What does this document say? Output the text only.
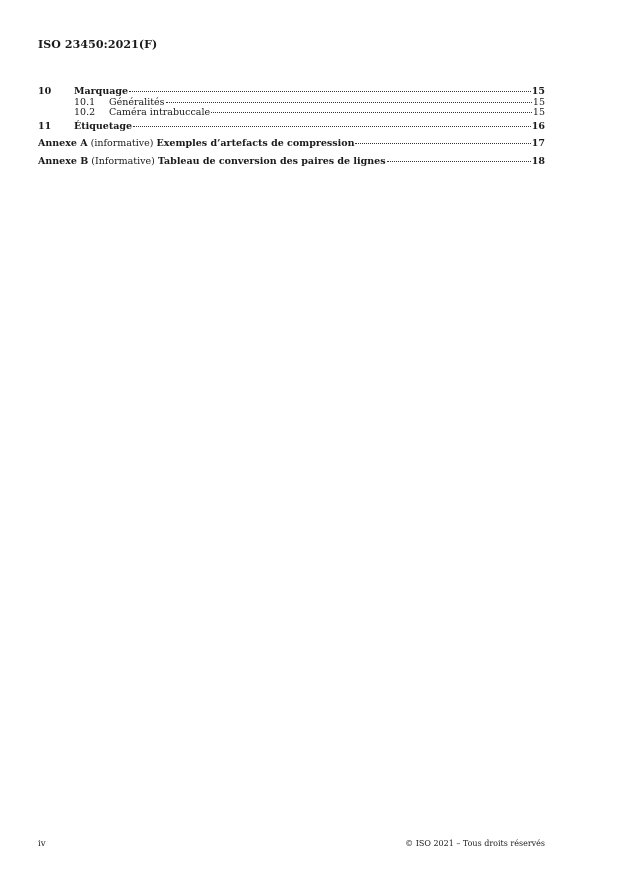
ISO 23450:2021(F)
10	Marquage	15
10.1	Généralités	15
10.2	Caméra intrabuccale	15
11	Étiquetage	16
Annexe A (informative) Exemples d’artefacts de compression	17
Annexe B (Informative) Tableau de conversion des paires de lignes	18
iv	© ISO 2021 – Tous droits réservés
